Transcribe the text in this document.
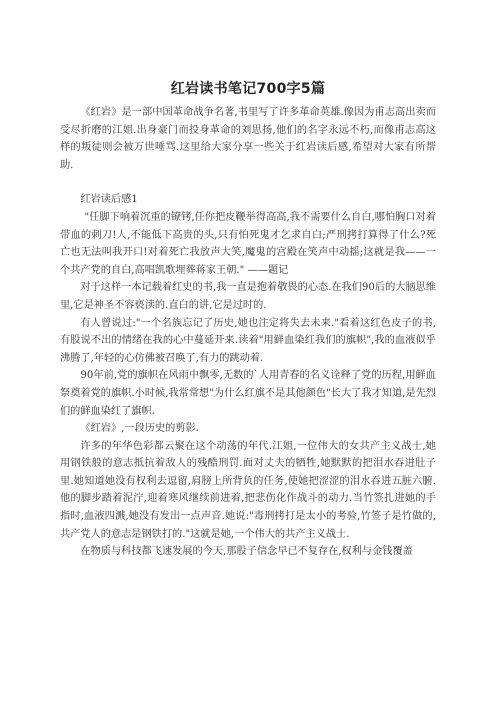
红岩读书笔记700字5篇

《红岩》是一部中国革命战争名著,书里写了许多革命英雄.像因为甫志高出卖而受尽折磨的江姐.出身豪门而投身革命的刘思扬,他们的名字永远不朽,而像甫志高这样的叛徒则会被万世唾骂.这里给大家分享一些关于红岩读后感,希望对大家有所帮助.

红岩读后感1

"任脚下响着沉重的镣铐,任你把皮鞭举得高高,我不需要什么自白,哪怕胸口对着带血的刺刀!人,不能低下高贵的头,只有怕死鬼才乞求自白;严刑拷打算得了什么?死亡也无法叫我开口!对着死亡我放声大笑,魔鬼的宫殿在笑声中动摇;这就是我——一个共产党的自白,高唱凯歌埋葬蒋家王朝." ——题记

对于这样一本记载着红史的书,我一直是抱着敬畏的心态.在我们90后的大脑思维里,它是神圣不容亵渎的.直白的讲,它是过时的.

有人曾说过:"一个名族忘记了历史,她也注定将失去未来."看着这红色皮子的书,有股说不出的情绪在我的心中蔓延开来.读着"用鲜血染红我们的旗帜",我的血液似乎沸腾了,年轻的心仿佛被召唤了,有力的跳动着.

90年前,党的旗帜在风雨中飘零,无数的`人用青春的名义诠释了党的历程,用鲜血祭奠着党的旗帜.小时候,我常常想"为什么红旗不是其他颜色"长大了我才知道,是先烈们的鲜血染红了旗帜.

《红岩》,一段历史的剪影.

许多的年华色彩都云聚在这个动荡的年代.江姐,一位伟大的女共产主义战士,她用钢铁般的意志抵抗着敌人的残酷刑罚.面对丈夫的牺牲,她默默的把泪水吞进肚子里.她知道她没有权利去逗留,肩膀上所背负的任务,使她把涩涩的泪水吞进五脏六腑.他的脚步踏着泥泞,迎着寒风继续前进着,把悲伤化作战斗的动力.当竹签扎进她的手指时,血液四溅,她没有发出一点声音.她说:"毒刑拷打是太小的考验,竹签子是竹做的,共产党人的意志是钢铁打的."这就是她,一个伟大的共产主义战士.

在物质与科技都飞速发展的今天,那股子信念早已不复存在,权利与金钱覆盖
